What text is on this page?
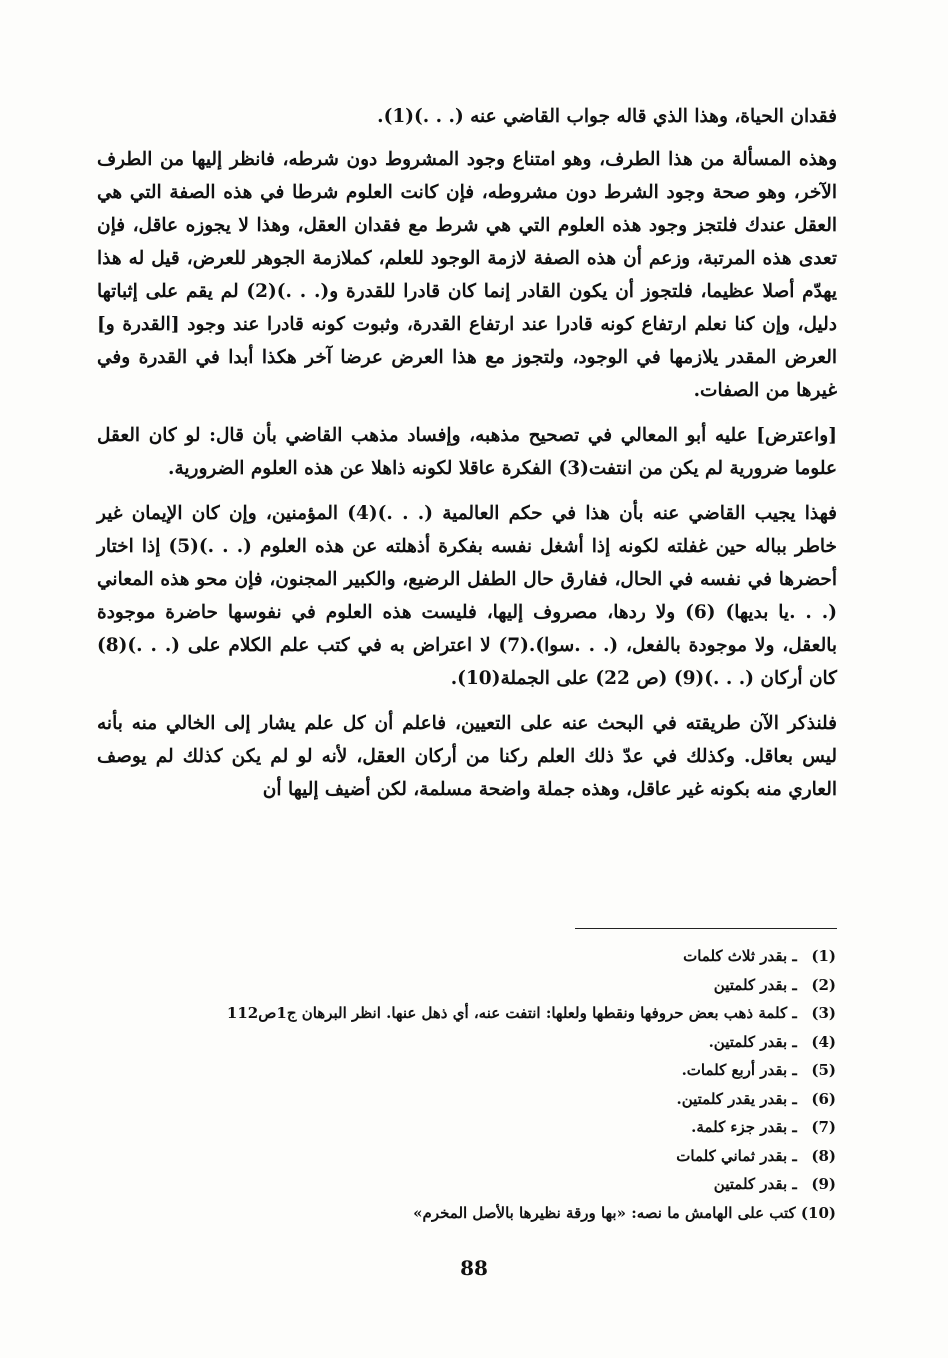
فقدان الحياة، وهذا الذي قاله جواب القاضي عنه (. . .)(1).

وهذه المسألة من هذا الطرف، وهو امتناع وجود المشروط دون شرطه، فانظر إليها من الطرف الآخر، وهو صحة وجود الشرط دون مشروطه، فإن كانت العلوم شرطا في هذه الصفة التي هي العقل عندك فلتجز وجود هذه العلوم التي هي شرط مع فقدان العقل، وهذا لا يجوزه عاقل، فإن تعدى هذه المرتبة، وزعم أن هذه الصفة لازمة الوجود للعلم، كملازمة الجوهر للعرض، قيل له هذا يهدّم أصلا عظيما، فلتجوز أن يكون القادر إنما كان قادرا للقدرة و(. . .)(2) لم يقم على إثباتها دليل، وإن كنا نعلم ارتفاع كونه قادرا عند ارتفاع القدرة، وثبوت كونه قادرا عند وجود [القدرة و] العرض المقدر يلازمها في الوجود، ولتجوز مع هذا العرض عرضا آخر هكذا أبدا في القدرة وفي غيرها من الصفات.

[واعترض] عليه أبو المعالي في تصحيح مذهبه، وإفساد مذهب القاضي بأن قال: لو كان العقل علوما ضرورية لم يكن من انتفت(3) الفكرة عاقلا لكونه ذاهلا عن هذه العلوم الضرورية.

فهذا يجيب القاضي عنه بأن هذا في حكم العالمية (. . .)(4) المؤمنين، وإن كان الإيمان غير خاطر بباله حين غفلته لكونه إذا أشغل نفسه بفكرة أذهلته عن هذه العلوم (. . .)(5) إذا اختار أحضرها في نفسه في الحال، ففارق حال الطفل الرضيع، والكبير المجنون، فإن محو هذه المعاني (. . .يا بديها) (6) ولا ردها، مصروف إليها، فليست هذه العلوم في نفوسها حاضرة موجودة بالعقل، ولا موجودة بالفعل، (. . .سوا).(7) لا اعتراض به في كتب علم الكلام على (. . .)(8) كان أركان (. . .)(9) (ص 22) على الجملة(10).

فلنذكر الآن طريقته في البحث عنه على التعيين، فاعلم أن كل علم يشار إلى الخالي منه بأنه ليس بعاقل. وكذلك في عدّ ذلك العلم ركنا من أركان العقل، لأنه لو لم يكن كذلك لم يوصف العاري منه بكونه غير عاقل، وهذه جملة واضحة مسلمة، لكن أضيف إليها أن

(1) ـ بقدر ثلاث كلمات
(2) ـ بقدر كلمتين
(3) ـ كلمة ذهب بعض حروفها ونقطها ولعلها: انتفت عنه، أي ذهل عنها. انظر البرهان ج1ص112
(4) ـ بقدر كلمتين.
(5) ـ بقدر أربع كلمات.
(6) ـ بقدر يقدر كلمتين.
(7) ـ بقدر جزء كلمة.
(8) ـ بقدر ثماني كلمات
(9) ـ بقدر كلمتين
(10) كتب على الهامش ما نصه: «بها ورقة نظيرها بالأصل المخرم»
88
